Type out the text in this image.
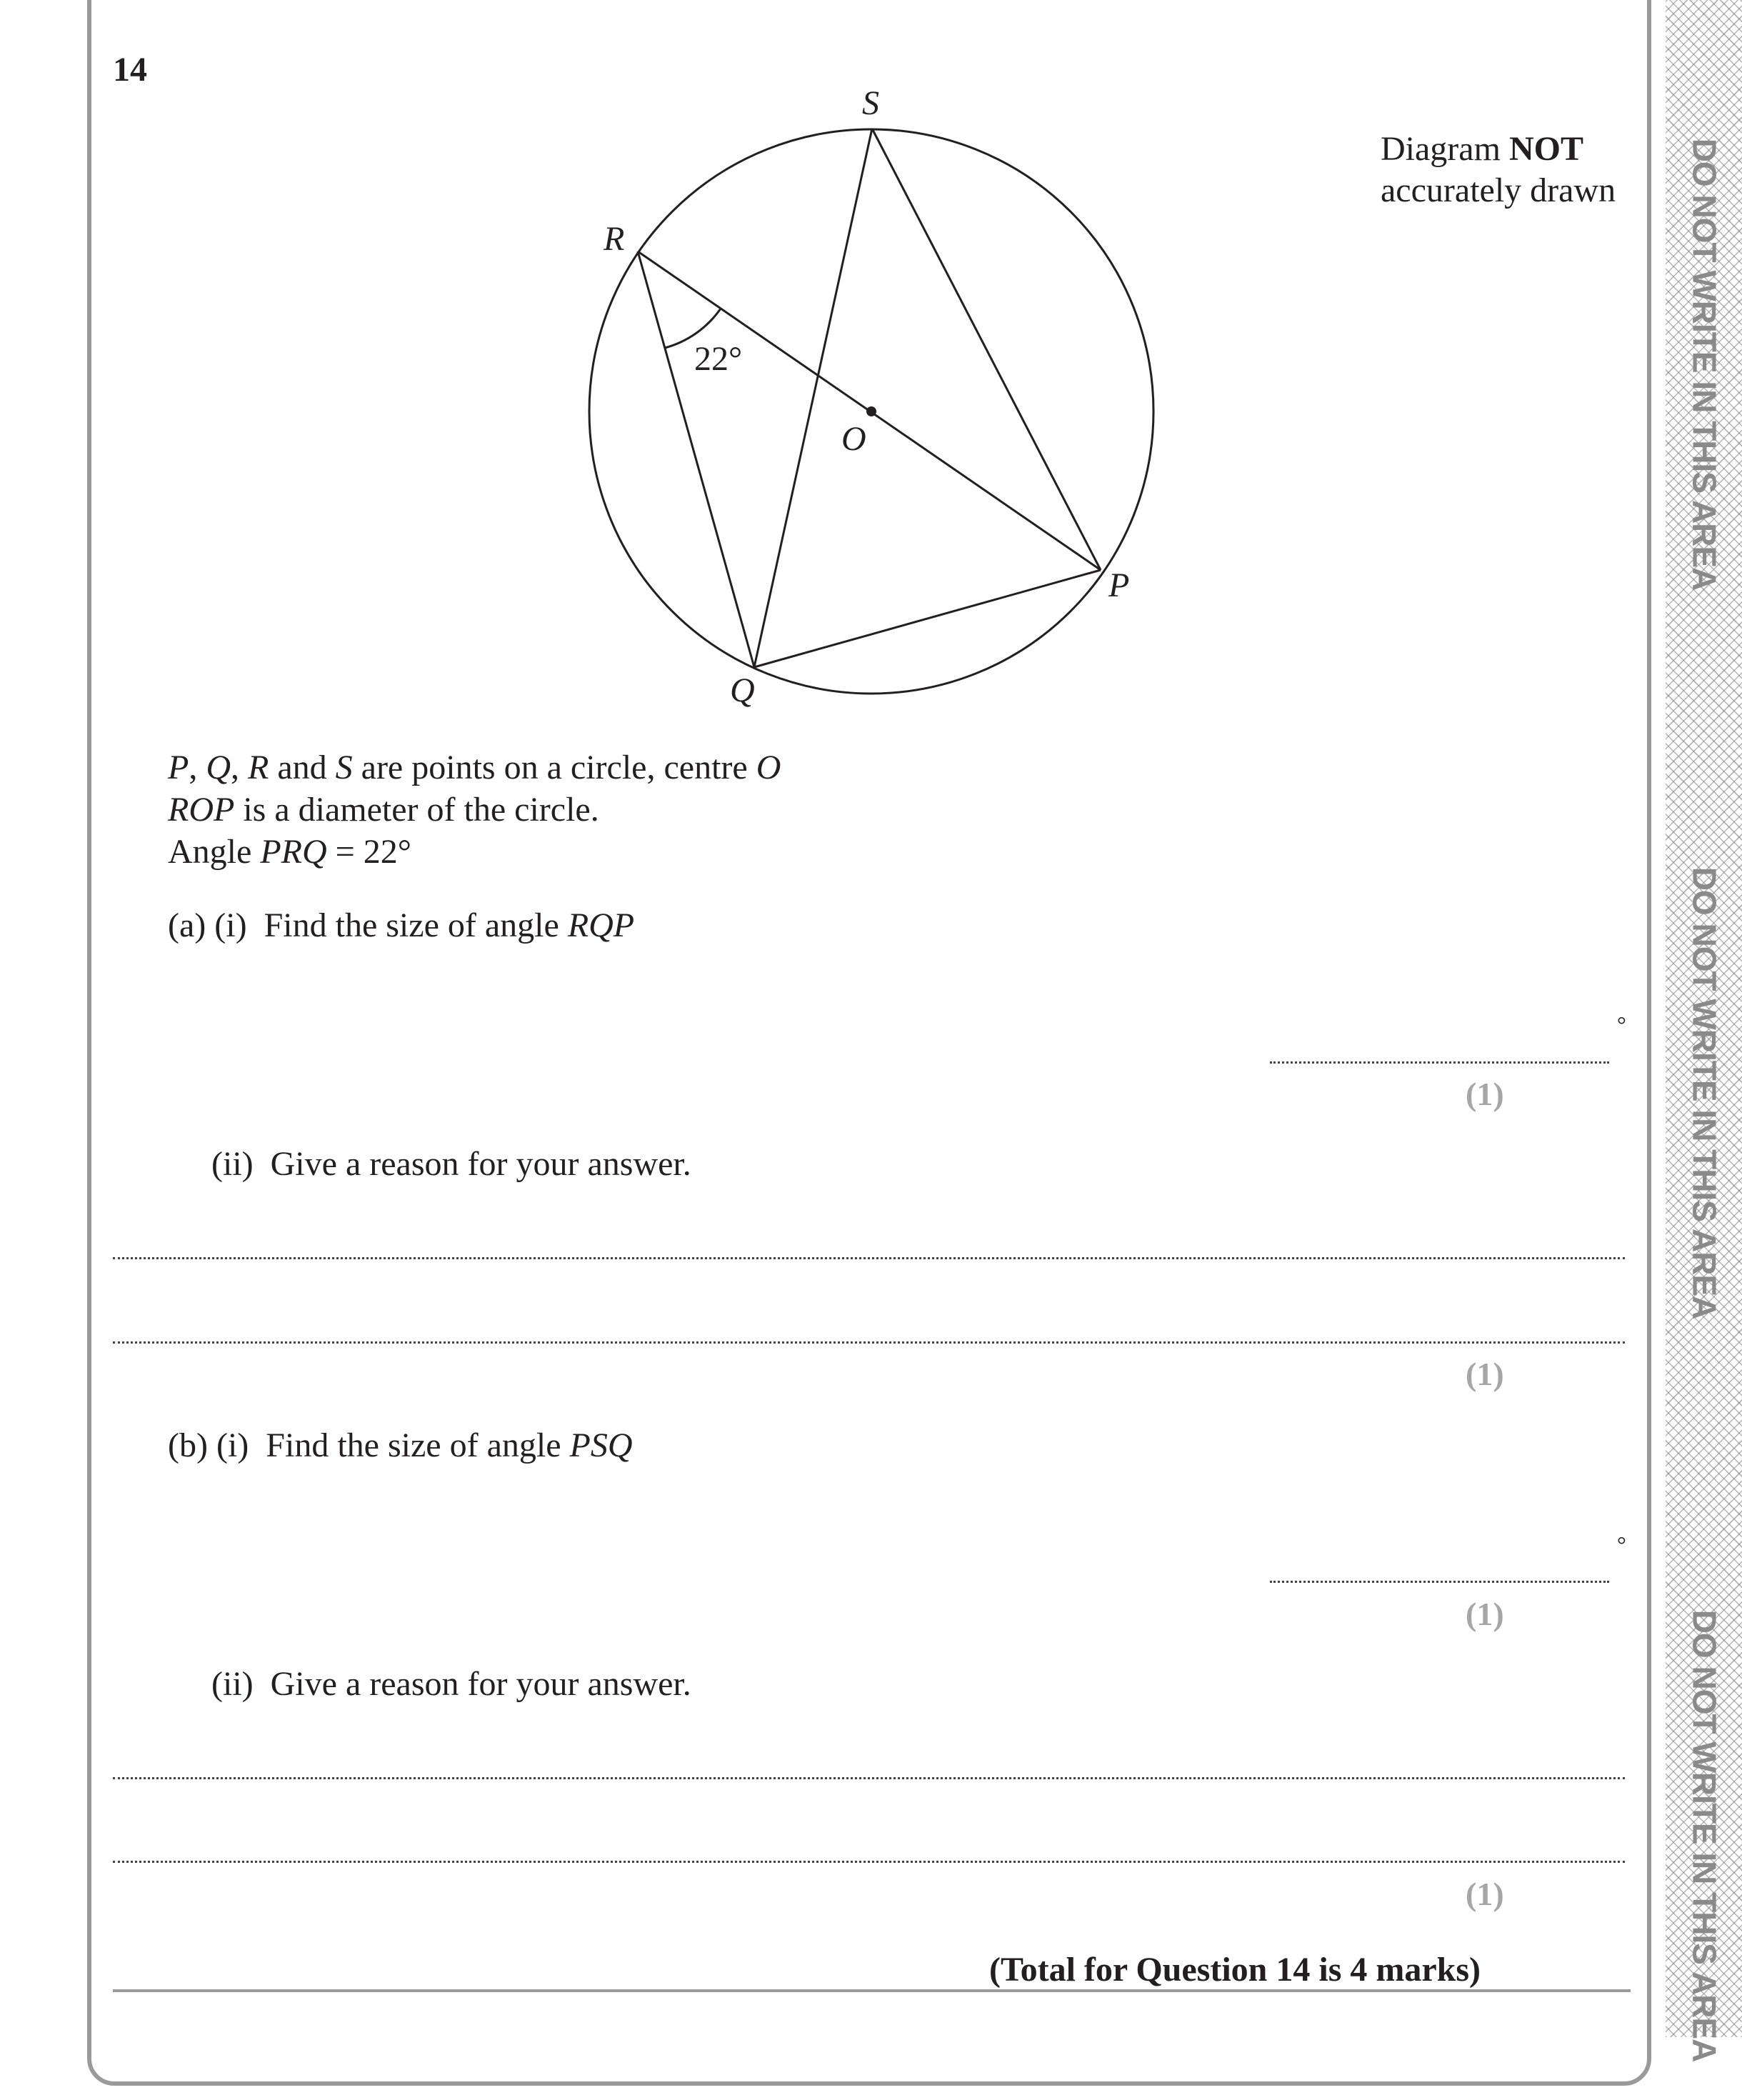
DO NOT WRITE IN THIS AREA
DO NOT WRITE IN THIS AREA
DO NOT WRITE IN THIS AREA
14
Diagram NOT
accurately drawn
S
R
O
P
Q
22°
P, Q, R and S are points on a circle, centre O
ROP is a diameter of the circle.
Angle PRQ = 22°
(a) (i) Find the size of angle RQP
°
(1)
(ii) Give a reason for your answer.
(1)
(b) (i) Find the size of angle PSQ
°
(1)
(ii) Give a reason for your answer.
(1)
(Total for Question 14 is 4 marks)
